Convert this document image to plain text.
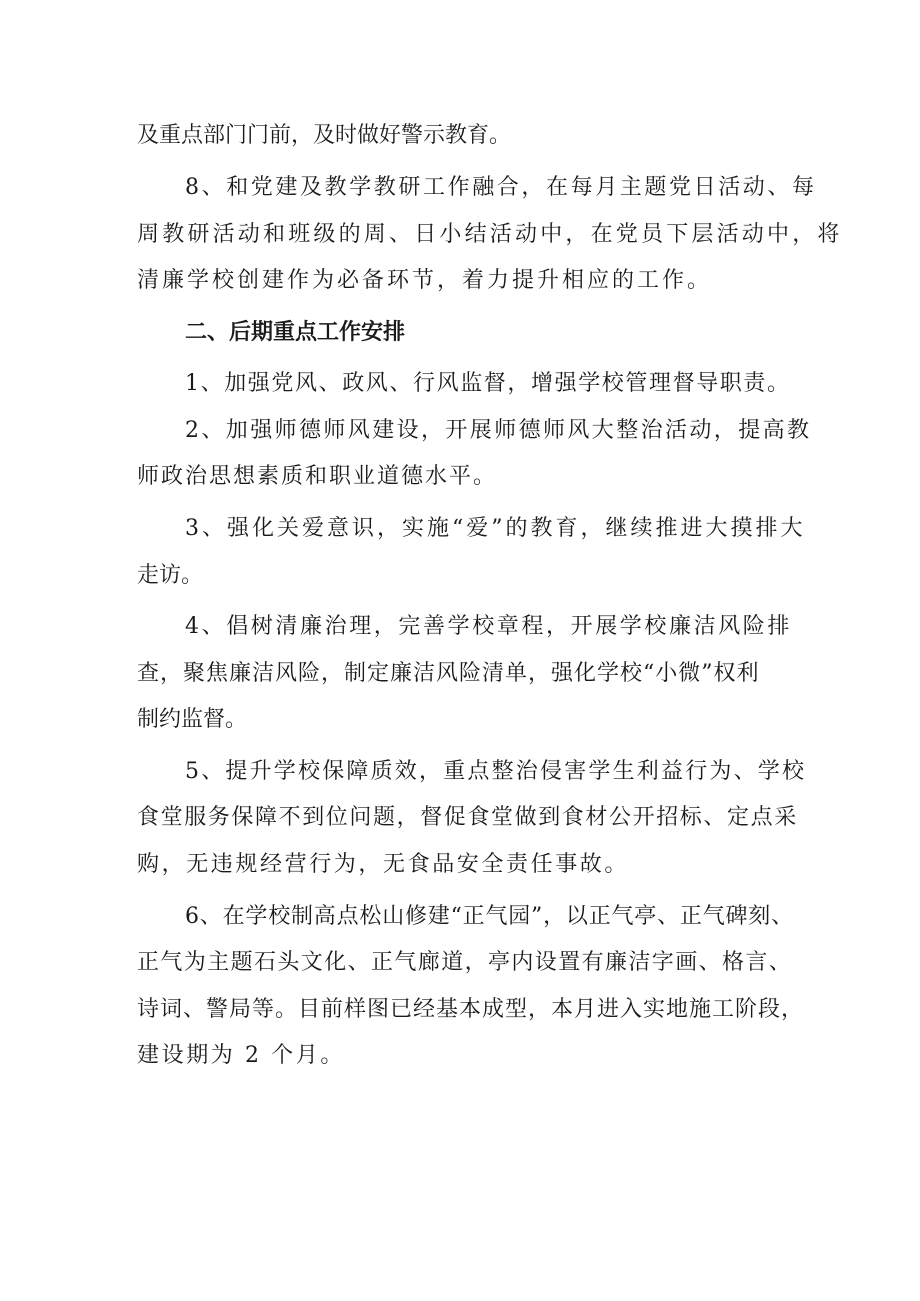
及重点部门门前，及时做好警示教育。
8、和党建及教学教研工作融合，在每月主题党日活动、每
周教研活动和班级的周、日小结活动中，在党员下层活动中，将
清廉学校创建作为必备环节，着力提升相应的工作。
二、后期重点工作安排
1、加强党风、政风、行风监督，增强学校管理督导职责。
2、加强师德师风建设，开展师德师风大整治活动，提高教
师政治思想素质和职业道德水平。
3、强化关爱意识，实施“爱”的教育，继续推进大摸排大
走访。
4、倡树清廉治理，完善学校章程，开展学校廉洁风险排
查，聚焦廉洁风险，制定廉洁风险清单，强化学校“小微”权利
制约监督。
5、提升学校保障质效，重点整治侵害学生利益行为、学校
食堂服务保障不到位问题，督促食堂做到食材公开招标、定点采
购，无违规经营行为，无食品安全责任事故。
6、在学校制高点松山修建“正气园”，以正气亭、正气碑刻、
正气为主题石头文化、正气廊道，亭内设置有廉洁字画、格言、
诗词、警局等。目前样图已经基本成型，本月进入实地施工阶段，
建设期为 2 个月。
